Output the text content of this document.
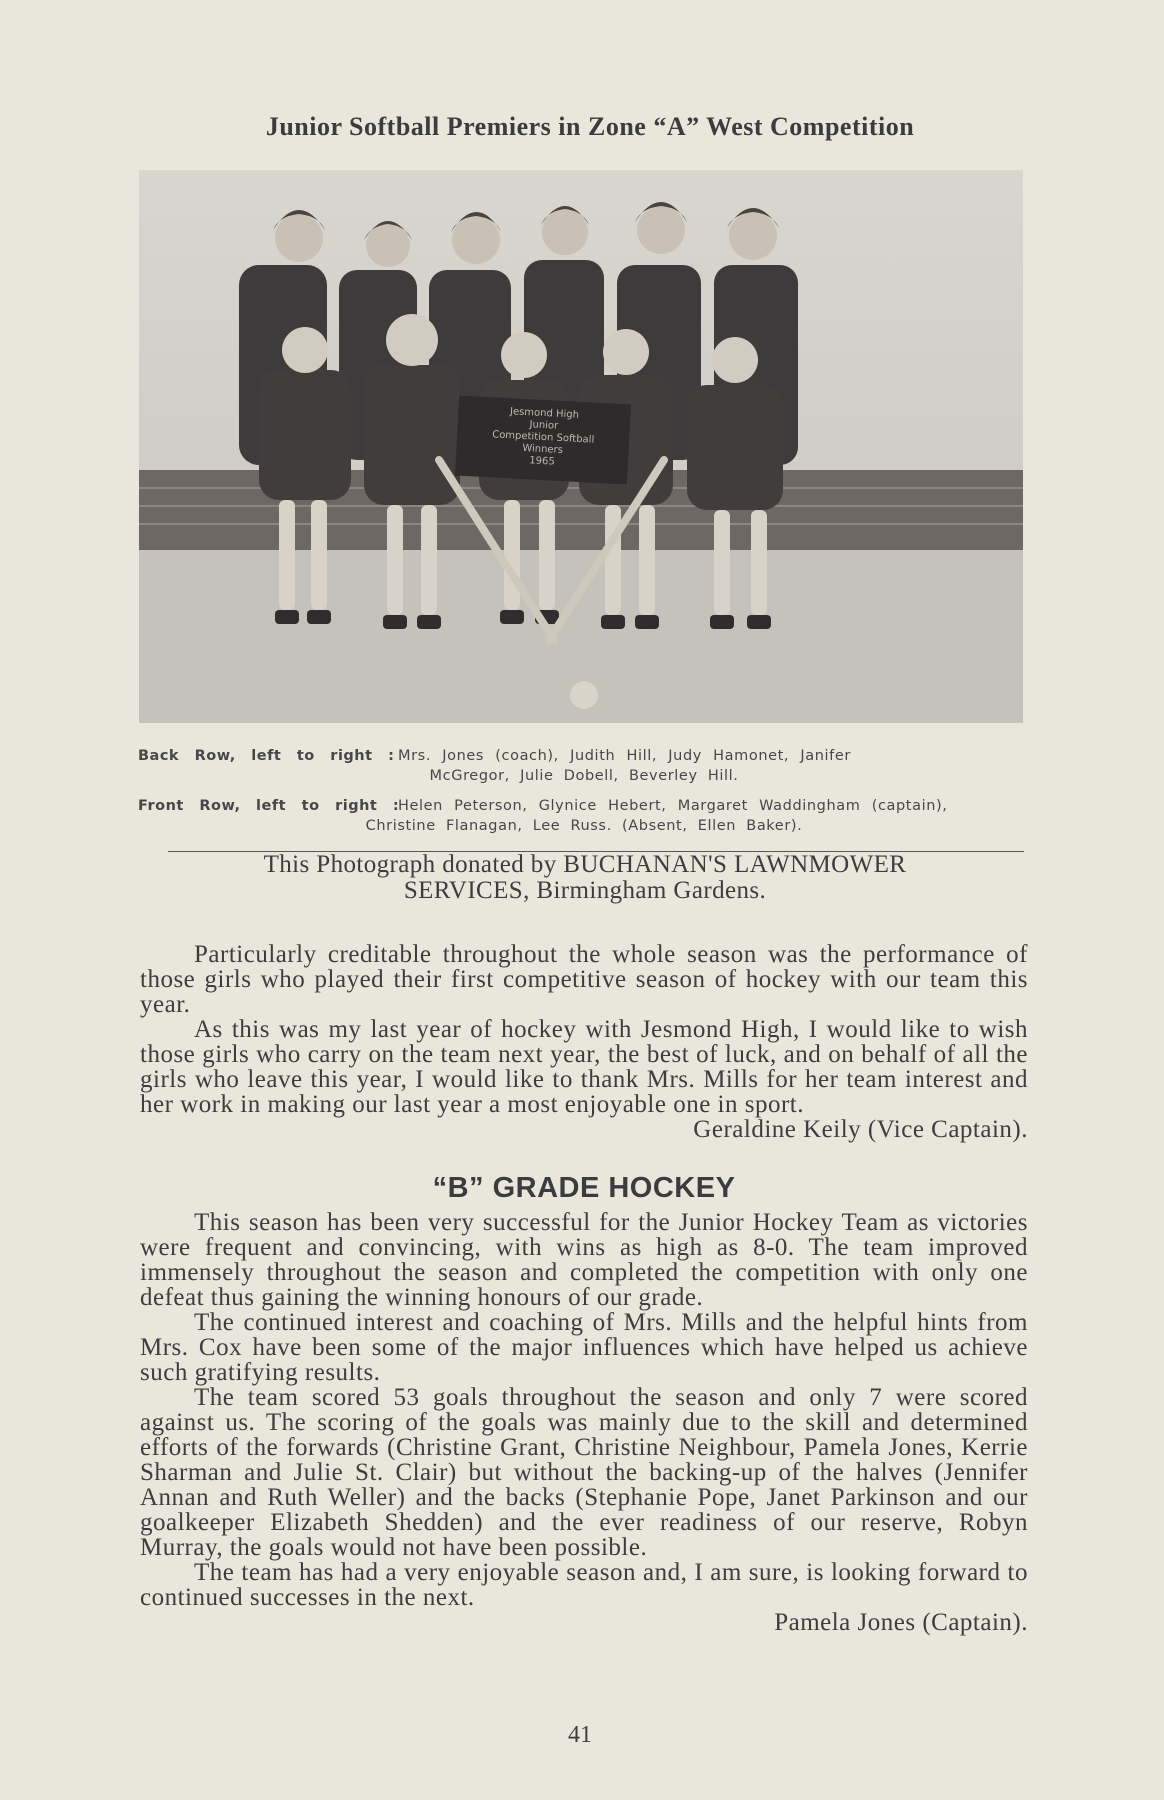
Junior Softball Premiers in Zone “A” West Competition
Jesmond High
Junior
Competition Softball
Winners
1965
Back Row, left to right : Mrs. Jones (coach), Judith Hill, Judy Hamonet, Janifer
McGregor, Julie Dobell, Beverley Hill.
Front Row, left to right :
Helen Peterson, Glynice Hebert, Margaret Waddingham (captain),
Christine Flanagan, Lee Russ. (Absent, Ellen Baker).
This Photograph donated by BUCHANAN'S LAWNMOWER
SERVICES, Birmingham Gardens.

Particularly creditable throughout the whole season was the performance of those girls who played their first competitive season of hockey with our team this year.

As this was my last year of hockey with Jesmond High, I would like to wish those girls who carry on the team next year, the best of luck, and on behalf of all the girls who leave this year, I would like to thank Mrs. Mills for her team interest and her work in making our last year a most enjoyable one in sport.

Geraldine Keily (Vice Captain).
“B” GRADE HOCKEY

This season has been very successful for the Junior Hockey Team as victories were frequent and convincing, with wins as high as 8-0. The team improved immensely throughout the season and completed the competition with only one defeat thus gaining the winning honours of our grade.

The continued interest and coaching of Mrs. Mills and the helpful hints from Mrs. Cox have been some of the major influences which have helped us achieve such gratifying results.

The team scored 53 goals throughout the season and only 7 were scored against us. The scoring of the goals was mainly due to the skill and determined efforts of the forwards (Christine Grant, Christine Neighbour, Pamela Jones, Kerrie Sharman and Julie St. Clair) but without the backing-up of the halves (Jennifer Annan and Ruth Weller) and the backs (Stephanie Pope, Janet Parkinson and our goalkeeper Elizabeth Shedden) and the ever readiness of our reserve, Robyn Murray, the goals would not have been possible.

The team has had a very enjoyable season and, I am sure, is looking forward to continued successes in the next.

Pamela Jones (Captain).
41
